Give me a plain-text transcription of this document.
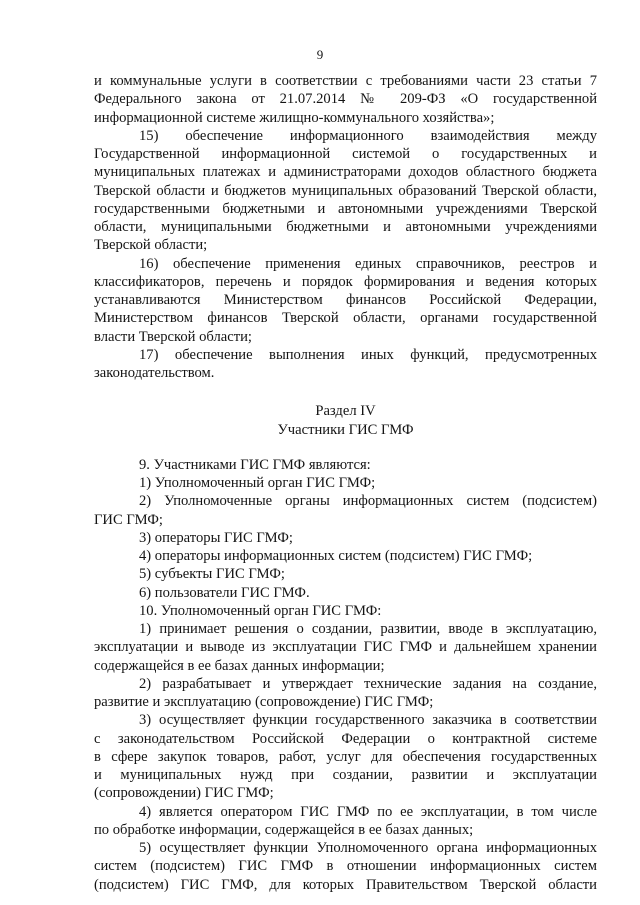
9
и коммунальные услуги в соответствии с требованиями части 23 статьи 7
Федерального закона от 21.07.2014 № 209-ФЗ «О государственной
информационной системе жилищно-коммунального хозяйства»;
15) обеспечение информационного взаимодействия между
Государственной информационной системой о государственных и
муниципальных платежах и администраторами доходов областного бюджета
Тверской области и бюджетов муниципальных образований Тверской области,
государственными бюджетными и автономными учреждениями Тверской
области, муниципальными бюджетными и автономными учреждениями
Тверской области;
16) обеспечение применения единых справочников, реестров и
классификаторов, перечень и порядок формирования и ведения которых
устанавливаются Министерством финансов Российской Федерации,
Министерством финансов Тверской области, органами государственной
власти Тверской области;
17) обеспечение выполнения иных функций, предусмотренных
законодательством.
Раздел IV
Участники ГИС ГМФ
9. Участниками ГИС ГМФ являются:
1) Уполномоченный орган ГИС ГМФ;
2) Уполномоченные органы информационных систем (подсистем)
ГИС ГМФ;
3) операторы ГИС ГМФ;
4) операторы информационных систем (подсистем) ГИС ГМФ;
5) субъекты ГИС ГМФ;
6) пользователи ГИС ГМФ.
10. Уполномоченный орган ГИС ГМФ:
1) принимает решения о создании, развитии, вводе в эксплуатацию,
эксплуатации и выводе из эксплуатации ГИС ГМФ и дальнейшем хранении
содержащейся в ее базах данных информации;
2) разрабатывает и утверждает технические задания на создание,
развитие и эксплуатацию (сопровождение) ГИС ГМФ;
3) осуществляет функции государственного заказчика в соответствии
с законодательством Российской Федерации о контрактной системе
в сфере закупок товаров, работ, услуг для обеспечения государственных
и муниципальных нужд при создании, развитии и эксплуатации
(сопровождении) ГИС ГМФ;
4) является оператором ГИС ГМФ по ее эксплуатации, в том числе
по обработке информации, содержащейся в ее базах данных;
5) осуществляет функции Уполномоченного органа информационных
систем (подсистем) ГИС ГМФ в отношении информационных систем
(подсистем) ГИС ГМФ, для которых Правительством Тверской области
